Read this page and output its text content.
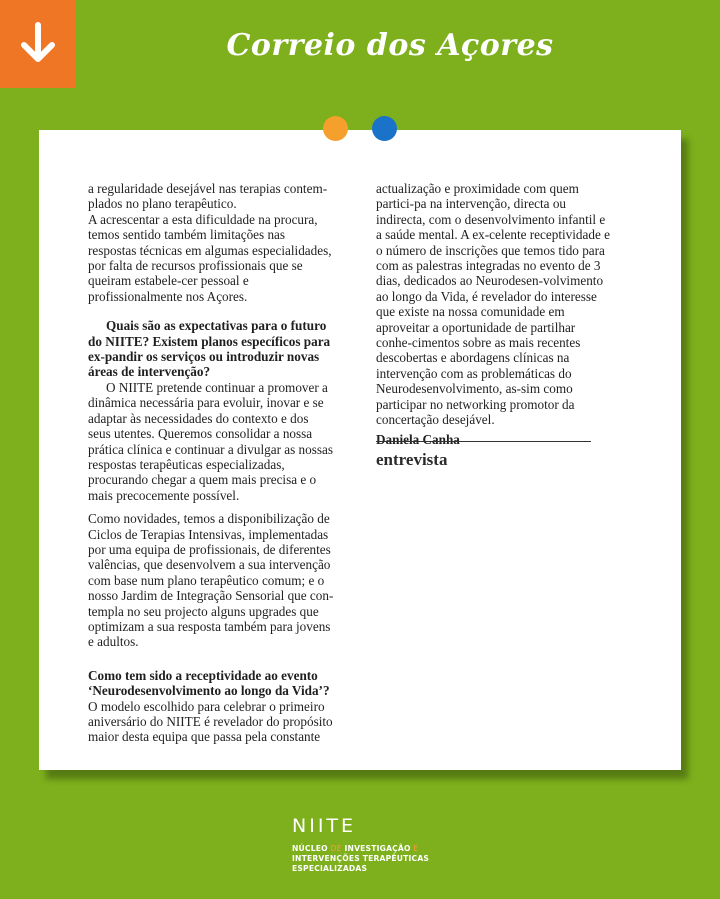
Correio dos Açores

a regularidade desejável nas terapias contem-
plados no plano terapêutico.

A acrescentar a esta dificuldade na procura, temos sentido também limitações nas respostas técnicas em algumas especialidades, por falta de recursos profissionais que se queiram estabele-cer pessoal e profissionalmente nos Açores.

Quais são as expectativas para o futuro do NIITE? Existem planos específicos para ex-pandir os serviços ou introduzir novas áreas de intervenção?

O NIITE pretende continuar a promover a dinâmica necessária para evoluir, inovar e se adaptar às necessidades do contexto e dos seus utentes. Queremos consolidar a nossa prática clínica e continuar a divulgar as nossas respostas terapêuticas especializadas, procurando chegar a quem mais precisa e o mais precocemente possível.

Como novidades, temos a disponibilização de Ciclos de Terapias Intensivas, implementadas por uma equipa de profissionais, de diferentes valências, que desenvolvem a sua intervenção com base num plano terapêutico comum; e o nosso Jardim de Integração Sensorial que con-templa no seu projecto alguns upgrades que optimizam a sua resposta também para jovens e adultos.

Como tem sido a receptividade ao evento ‘Neurodesenvolvimento ao longo da Vida’?

O modelo escolhido para celebrar o primeiro aniversário do NIITE é revelador do propósito maior desta equipa que passa pela constante

actualização e proximidade com quem partici-pa na intervenção, directa ou indirecta, com o desenvolvimento infantil e a saúde mental. A ex-celente receptividade e o número de inscrições que temos tido para com as palestras integradas no evento de 3 dias, dedicados ao Neurodesen-volvimento ao longo da Vida, é revelador do interesse que existe na nossa comunidade em aproveitar a oportunidade de partilhar conhe-cimentos sobre as mais recentes descobertas e abordagens clínicas na intervenção com as problemáticas do Neurodesenvolvimento, as-sim como participar no networking promotor da concertação desejável.

Daniela Canha

entrevista
NIITE
NÚCLEO DE INVESTIGAÇÃO E
INTERVENÇÕES TERAPÊUTICAS
ESPECIALIZADAS
